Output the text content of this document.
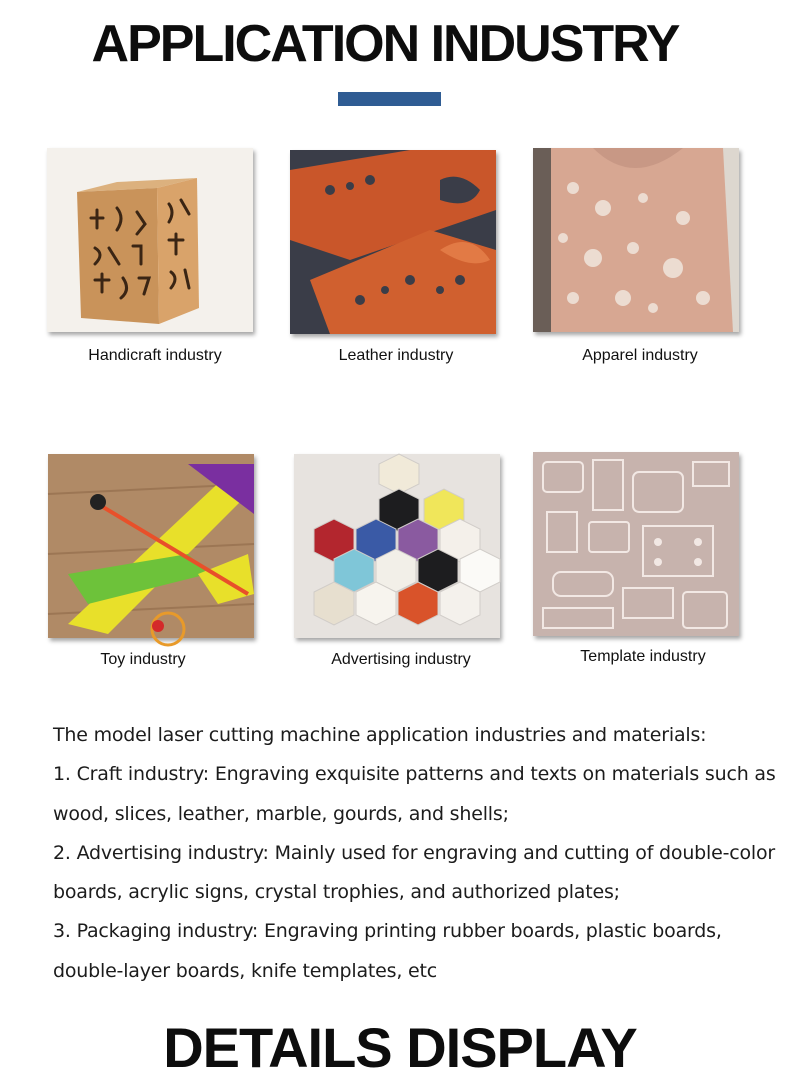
APPLICATION INDUSTRY
Handicraft industry	Leather industry	Apparel industry
Toy industry	Advertising industry	Template industry

The model laser cutting machine application industries and materials:

1. Craft industry: Engraving exquisite patterns and texts on materials such as

wood, slices, leather, marble, gourds, and shells;

2. Advertising industry: Mainly used for engraving and cutting of double-color

boards, acrylic signs, crystal trophies, and authorized plates;

3. Packaging industry: Engraving printing rubber boards, plastic boards,

double-layer boards, knife templates, etc

DETAILS DISPLAY
